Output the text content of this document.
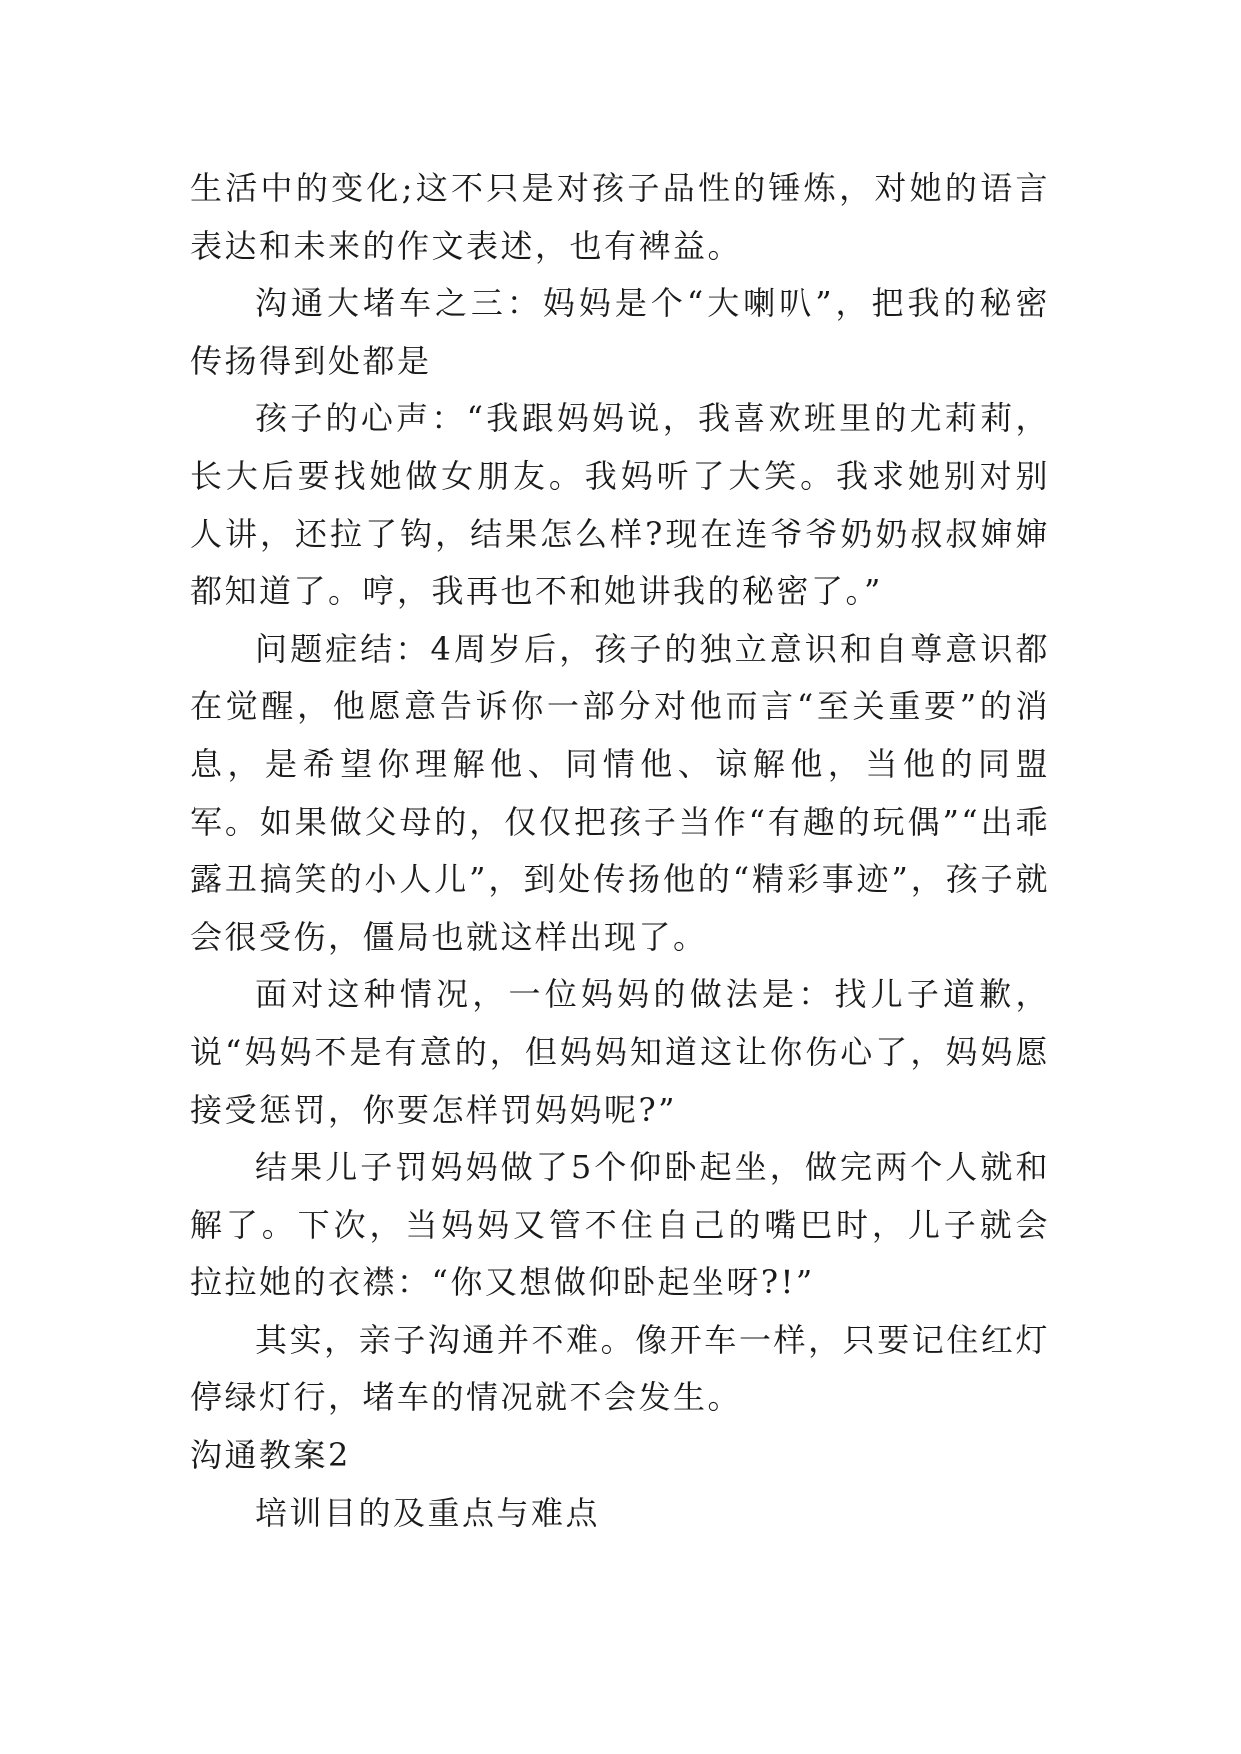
生活中的变化;这不只是对孩子品性的锤炼，对她的语言表达和未来的作文表述，也有裨益。

沟通大堵车之三：妈妈是个“大喇叭”，把我的秘密传扬得到处都是

孩子的心声：“我跟妈妈说，我喜欢班里的尤莉莉，长大后要找她做女朋友。我妈听了大笑。我求她别对别人讲，还拉了钩，结果怎么样?现在连爷爷奶奶叔叔婶婶都知道了。哼，我再也不和她讲我的秘密了。”

问题症结：4周岁后，孩子的独立意识和自尊意识都在觉醒，他愿意告诉你一部分对他而言“至关重要”的消息，是希望你理解他、同情他、谅解他，当他的同盟军。如果做父母的，仅仅把孩子当作“有趣的玩偶”“出乖露丑搞笑的小人儿”，到处传扬他的“精彩事迹”，孩子就会很受伤，僵局也就这样出现了。

面对这种情况，一位妈妈的做法是：找儿子道歉，说“妈妈不是有意的，但妈妈知道这让你伤心了，妈妈愿接受惩罚，你要怎样罚妈妈呢?”

结果儿子罚妈妈做了5个仰卧起坐，做完两个人就和解了。下次，当妈妈又管不住自己的嘴巴时，儿子就会拉拉她的衣襟：“你又想做仰卧起坐呀?!”

其实，亲子沟通并不难。像开车一样，只要记住红灯停绿灯行，堵车的情况就不会发生。

沟通教案2

培训目的及重点与难点
